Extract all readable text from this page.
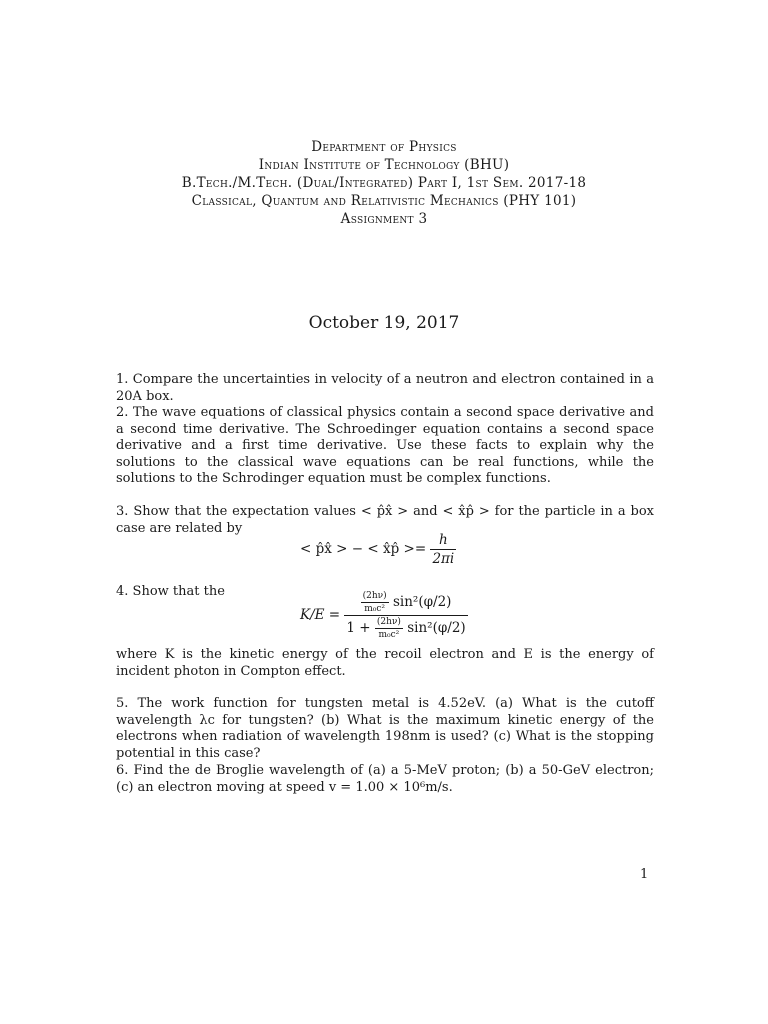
Department of Physics
Indian Institute of Technology (BHU)
B.Tech./M.Tech. (Dual/Integrated) Part I, 1st Sem. 2017-18
Classical, Quantum and Relativistic Mechanics (PHY 101)
Assignment 3
October 19, 2017
1. Compare the uncertainties in velocity of a neutron and electron contained in a 20A box.
2. The wave equations of classical physics contain a second space derivative and a second time derivative. The Schroedinger equation contains a second space derivative and a first time derivative. Use these facts to explain why the solutions to the classical wave equations can be real functions, while the solutions to the Schrodinger equation must be complex functions.
3. Show that the expectation values < p̂x̂ > and < x̂p̂ > for the particle in a box case are related by
< p̂x̂ > − < x̂p̂ >= $\frac{h}{2\pi i}$
4. Show that the
K/E =
$\frac{(2h\nu)}{\text{m₀c²}} \sin^2(\varphi/2)$
$1 + \frac{(2h\nu)}{\text{m₀c²}} \sin^2(\varphi/2)$
where K is the kinetic energy of the recoil electron and E is the energy of incident photon in Compton effect.
5. The work function for tungsten metal is 4.52eV. (a) What is the cutoff wavelength λc for tungsten? (b) What is the maximum kinetic energy of the electrons when radiation of wavelength 198nm is used? (c) What is the stopping potential in this case?
6. Find the de Broglie wavelength of (a) a 5-MeV proton; (b) a 50-GeV electron; (c) an electron moving at speed v = 1.00 × 10⁶m/s.
1
